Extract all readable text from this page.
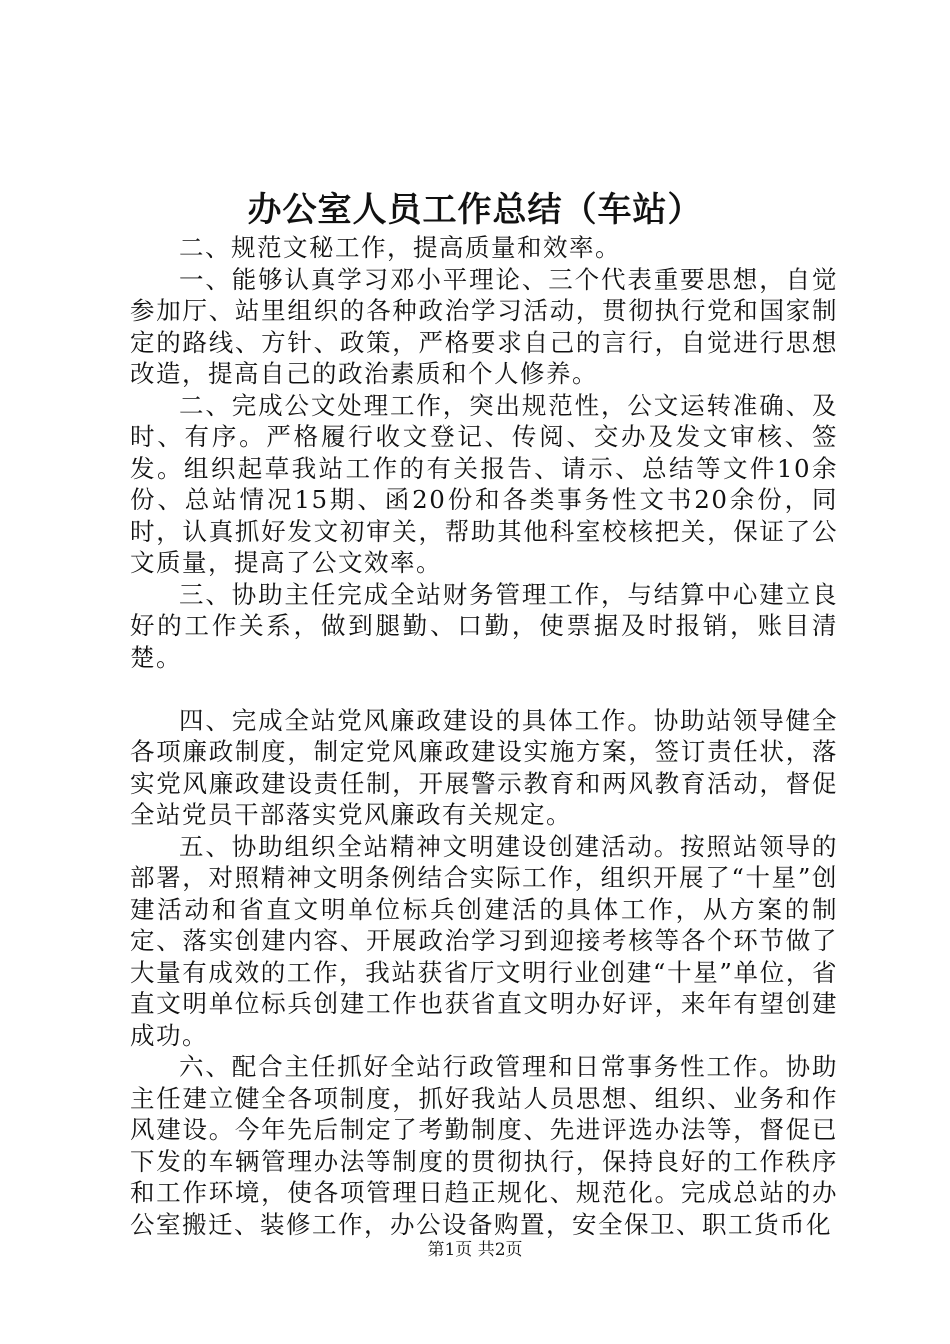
办公室人员工作总结（车站）

二、规范文秘工作，提高质量和效率。

一、能够认真学习邓小平理论、三个代表重要思想，自觉参加厅、站里组织的各种政治学习活动，贯彻执行党和国家制定的路线、方针、政策，严格要求自己的言行，自觉进行思想改造，提高自己的政治素质和个人修养。

二、完成公文处理工作，突出规范性，公文运转准确、及时、有序。严格履行收文登记、传阅、交办及发文审核、签发。组织起草我站工作的有关报告、请示、总结等文件10余份、总站情况15期、函20份和各类事务性文书20余份，同时，认真抓好发文初审关，帮助其他科室校核把关，保证了公文质量，提高了公文效率。

三、协助主任完成全站财务管理工作，与结算中心建立良好的工作关系，做到腿勤、口勤，使票据及时报销，账目清楚。

四、完成全站党风廉政建设的具体工作。协助站领导健全各项廉政制度，制定党风廉政建设实施方案，签订责任状，落实党风廉政建设责任制，开展警示教育和两风教育活动，督促全站党员干部落实党风廉政有关规定。

五、协助组织全站精神文明建设创建活动。按照站领导的部署，对照精神文明条例结合实际工作，组织开展了“十星”创建活动和省直文明单位标兵创建活的具体工作，从方案的制定、落实创建内容、开展政治学习到迎接考核等各个环节做了大量有成效的工作，我站获省厅文明行业创建“十星”单位，省直文明单位标兵创建工作也获省直文明办好评，来年有望创建成功。

六、配合主任抓好全站行政管理和日常事务性工作。协助主任建立健全各项制度，抓好我站人员思想、组织、业务和作风建设。今年先后制定了考勤制度、先进评选办法等，督促已下发的车辆管理办法等制度的贯彻执行，保持良好的工作秩序和工作环境，使各项管理日趋正规化、规范化。完成总站的办公室搬迁、装修工作，办公设备购置，安全保卫、职工货币化

第1页 共2页
